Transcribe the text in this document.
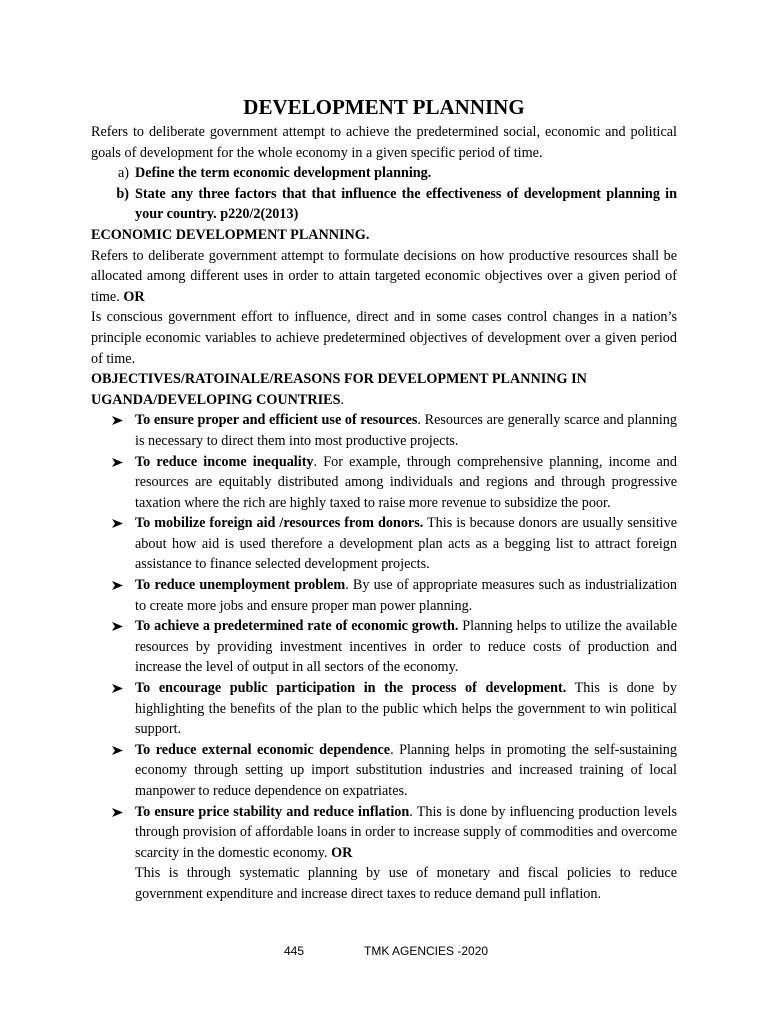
DEVELOPMENT PLANNING

Refers to deliberate government attempt to achieve the predetermined social, economic and political goals of development for the whole economy in a given specific period of time.

a) Define the term economic development planning.
b) State any three factors that that influence the effectiveness of development planning in your country. p220/2(2013)

ECONOMIC DEVELOPMENT PLANNING.

Refers to deliberate government attempt to formulate decisions on how productive resources shall be allocated among different uses in order to attain targeted economic objectives over a given period of time. OR

Is conscious government effort to influence, direct and in some cases control changes in a nation’s principle economic variables to achieve predetermined objectives of development over a given period of time.

OBJECTIVES/RATOINALE/REASONS FOR DEVELOPMENT PLANNING IN UGANDA/DEVELOPING COUNTRIES.

To ensure proper and efficient use of resources. Resources are generally scarce and planning is necessary to direct them into most productive projects.
To reduce income inequality. For example, through comprehensive planning, income and resources are equitably distributed among individuals and regions and through progressive taxation where the rich are highly taxed to raise more revenue to subsidize the poor.
To mobilize foreign aid /resources from donors. This is because donors are usually sensitive about how aid is used therefore a development plan acts as a begging list to attract foreign assistance to finance selected development projects.
To reduce unemployment problem. By use of appropriate measures such as industrialization to create more jobs and ensure proper man power planning.
To achieve a predetermined rate of economic growth. Planning helps to utilize the available resources by providing investment incentives in order to reduce costs of production and increase the level of output in all sectors of the economy.
To encourage public participation in the process of development. This is done by highlighting the benefits of the plan to the public which helps the government to win political support.
To reduce external economic dependence. Planning helps in promoting the self-sustaining economy through setting up import substitution industries and increased training of local manpower to reduce dependence on expatriates.
To ensure price stability and reduce inflation. This is done by influencing production levels through provision of affordable loans in order to increase supply of commodities and overcome scarcity in the domestic economy. OR
This is through systematic planning by use of monetary and fiscal policies to reduce government expenditure and increase direct taxes to reduce demand pull inflation.
445	TMK AGENCIES -2020
